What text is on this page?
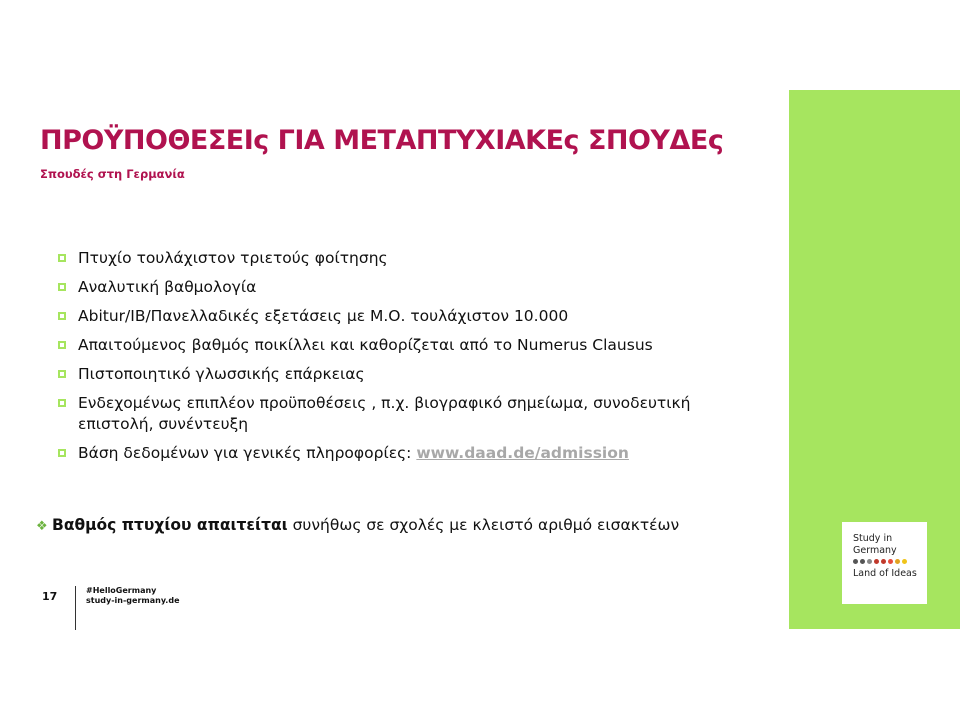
Study in
Germany
Land of Ideas
ΠΡΟΫΠΟΘΕΣΕΙς ΓΙΑ ΜΕΤΑΠΤΥΧΙΑΚΕς ΣΠΟΥΔΕς
Σπουδές στη Γερμανία
Πτυχίο τουλάχιστον τριετούς φοίτησης
Αναλυτική βαθμολογία
Abitur/IB/Πανελλαδικές εξετάσεις με Μ.Ο. τουλάχιστον 10.000
Απαιτούμενος βαθμός ποικίλλει και καθορίζεται από το Numerus Clausus
Πιστοποιητικό γλωσσικής επάρκειας
Ενδεχομένως επιπλέον προϋποθέσεις , π.χ. βιογραφικό σημείωμα, συνοδευτική επιστολή, συνέντευξη
Βάση δεδομένων για γενικές πληροφορίες: www.daad.de/admission
❖ Βαθμός πτυχίου απαιτείται συνήθως σε σχολές με κλειστό αριθμό εισακτέων
17	#HelloGermany
study-in-germany.de
